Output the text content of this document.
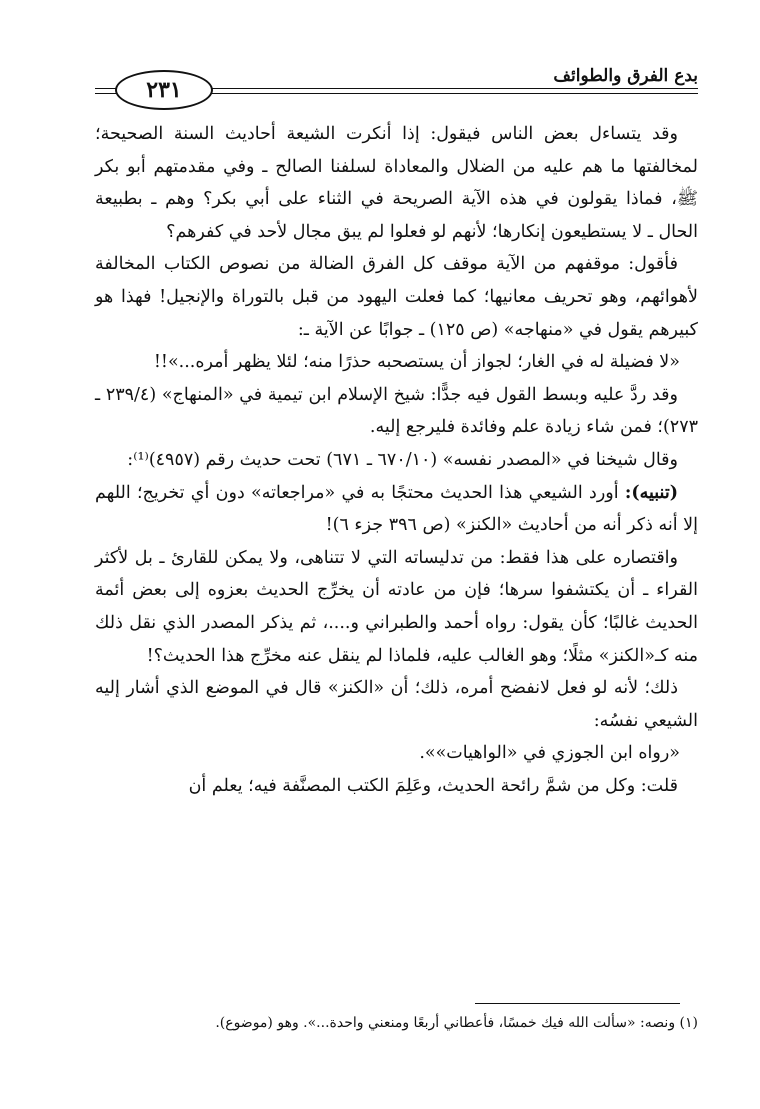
بدع الفرق والطوائف
٢٣١

وقد يتساءل بعض الناس فيقول: إذا أنكرت الشيعة أحاديث السنة الصحيحة؛ لمخالفتها ما هم عليه من الضلال والمعاداة لسلفنا الصالح ـ وفي مقدمتهم أبو بكر ﷺ، فماذا يقولون في هذه الآية الصريحة في الثناء على أبي بكر؟ وهم ـ بطبيعة الحال ـ لا يستطيعون إنكارها؛ لأنهم لو فعلوا لم يبق مجال لأحد في كفرهم؟

فأقول: موقفهم من الآية موقف كل الفرق الضالة من نصوص الكتاب المخالفة لأهوائهم، وهو تحريف معانيها؛ كما فعلت اليهود من قبل بالتوراة والإنجيل! فهذا هو كبيرهم يقول في «منهاجه» (ص ١٢٥) ـ جوابًا عن الآية ـ:

«لا فضيلة له في الغار؛ لجواز أن يستصحبه حذرًا منه؛ لئلا يظهر أمره...»!!

وقد ردَّ عليه وبسط القول فيه جدًّا: شيخ الإسلام ابن تيمية في «المنهاج» (٢٣٩/٤ ـ ٢٧٣)؛ فمن شاء زيادة علم وفائدة فليرجع إليه.

وقال شيخنا في «المصدر نفسه» (٦٧٠/١٠ ـ ٦٧١) تحت حديث رقم (٤٩٥٧)⁽¹⁾:

(تنبيه): أورد الشيعي هذا الحديث محتجًا به في «مراجعاته» دون أي تخريج؛ اللهم إلا أنه ذكر أنه من أحاديث «الكنز» (ص ٣٩٦ جزء ٦)!

واقتصاره على هذا فقط: من تدليساته التي لا تتناهى، ولا يمكن للقارئ ـ بل لأكثر القراء ـ أن يكتشفوا سرها؛ فإن من عادته أن يخرِّج الحديث بعزوه إلى بعض أئمة الحديث غالبًا؛ كأن يقول: رواه أحمد والطبراني و....، ثم يذكر المصدر الذي نقل ذلك منه كـ«الكنز» مثلًا؛ وهو الغالب عليه، فلماذا لم ينقل عنه مخرِّج هذا الحديث؟!

ذلك؛ لأنه لو فعل لانفضح أمره، ذلك؛ أن «الكنز» قال في الموضع الذي أشار إليه الشيعي نفسُه:

«رواه ابن الجوزي في «الواهيات»».

قلت: وكل من شمَّ رائحة الحديث، وعَلِمَ الكتب المصنَّفة فيه؛ يعلم أن

(١) ونصه: «سألت الله فيك خمسًا، فأعطاني أربعًا ومنعني واحدة...». وهو (موضوع).
